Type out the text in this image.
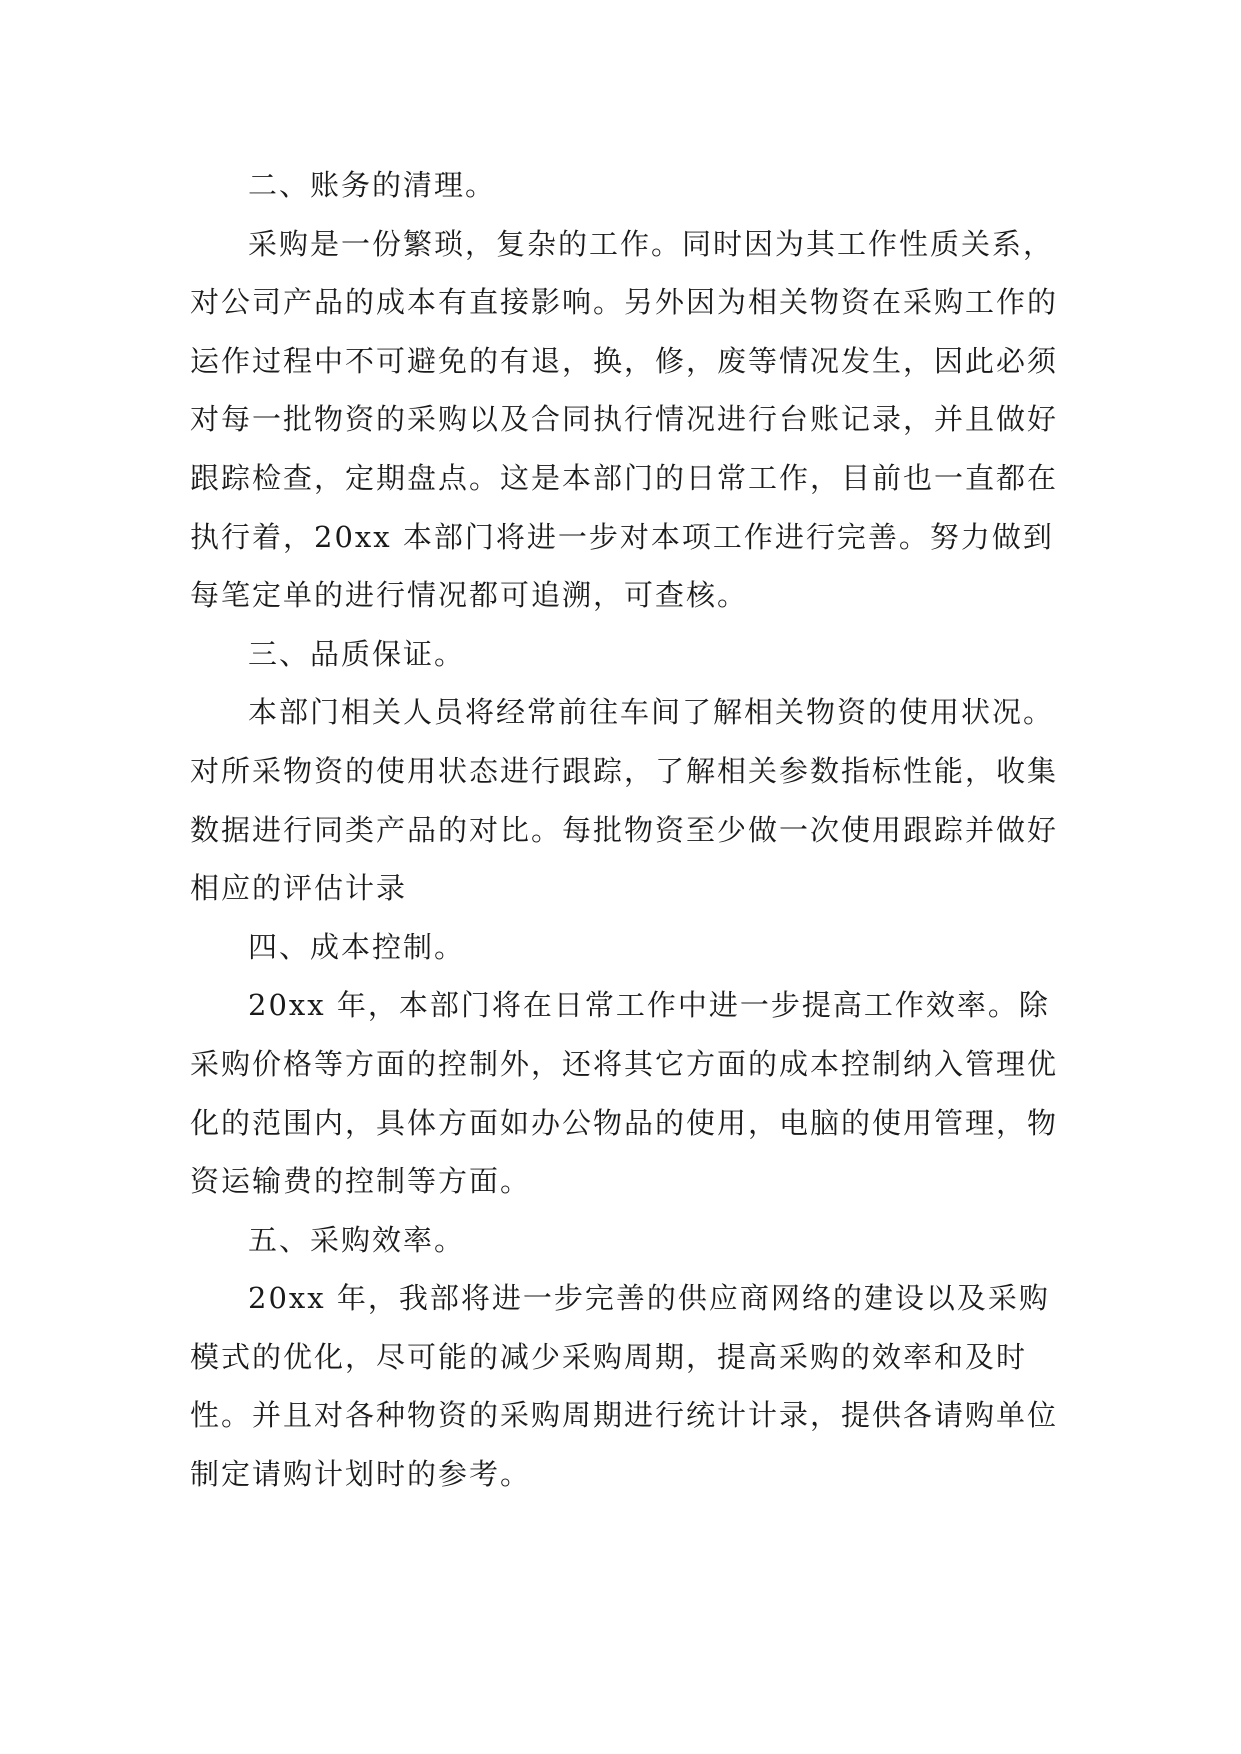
二、账务的清理。

采购是一份繁琐，复杂的工作。同时因为其工作性质关系，对公司产品的成本有直接影响。另外因为相关物资在采购工作的运作过程中不可避免的有退，换，修，废等情况发生，因此必须对每一批物资的采购以及合同执行情况进行台账记录，并且做好跟踪检查，定期盘点。这是本部门的日常工作，目前也一直都在执行着，20xx 本部门将进一步对本项工作进行完善。努力做到每笔定单的进行情况都可追溯，可查核。

三、品质保证。

本部门相关人员将经常前往车间了解相关物资的使用状况。对所采物资的使用状态进行跟踪，了解相关参数指标性能，收集数据进行同类产品的对比。每批物资至少做一次使用跟踪并做好相应的评估计录

四、成本控制。

20xx 年，本部门将在日常工作中进一步提高工作效率。除采购价格等方面的控制外，还将其它方面的成本控制纳入管理优化的范围内，具体方面如办公物品的使用，电脑的使用管理，物资运输费的控制等方面。

五、采购效率。

20xx 年，我部将进一步完善的供应商网络的建设以及采购模式的优化，尽可能的减少采购周期，提高采购的效率和及时性。并且对各种物资的采购周期进行统计计录，提供各请购单位制定请购计划时的参考。
